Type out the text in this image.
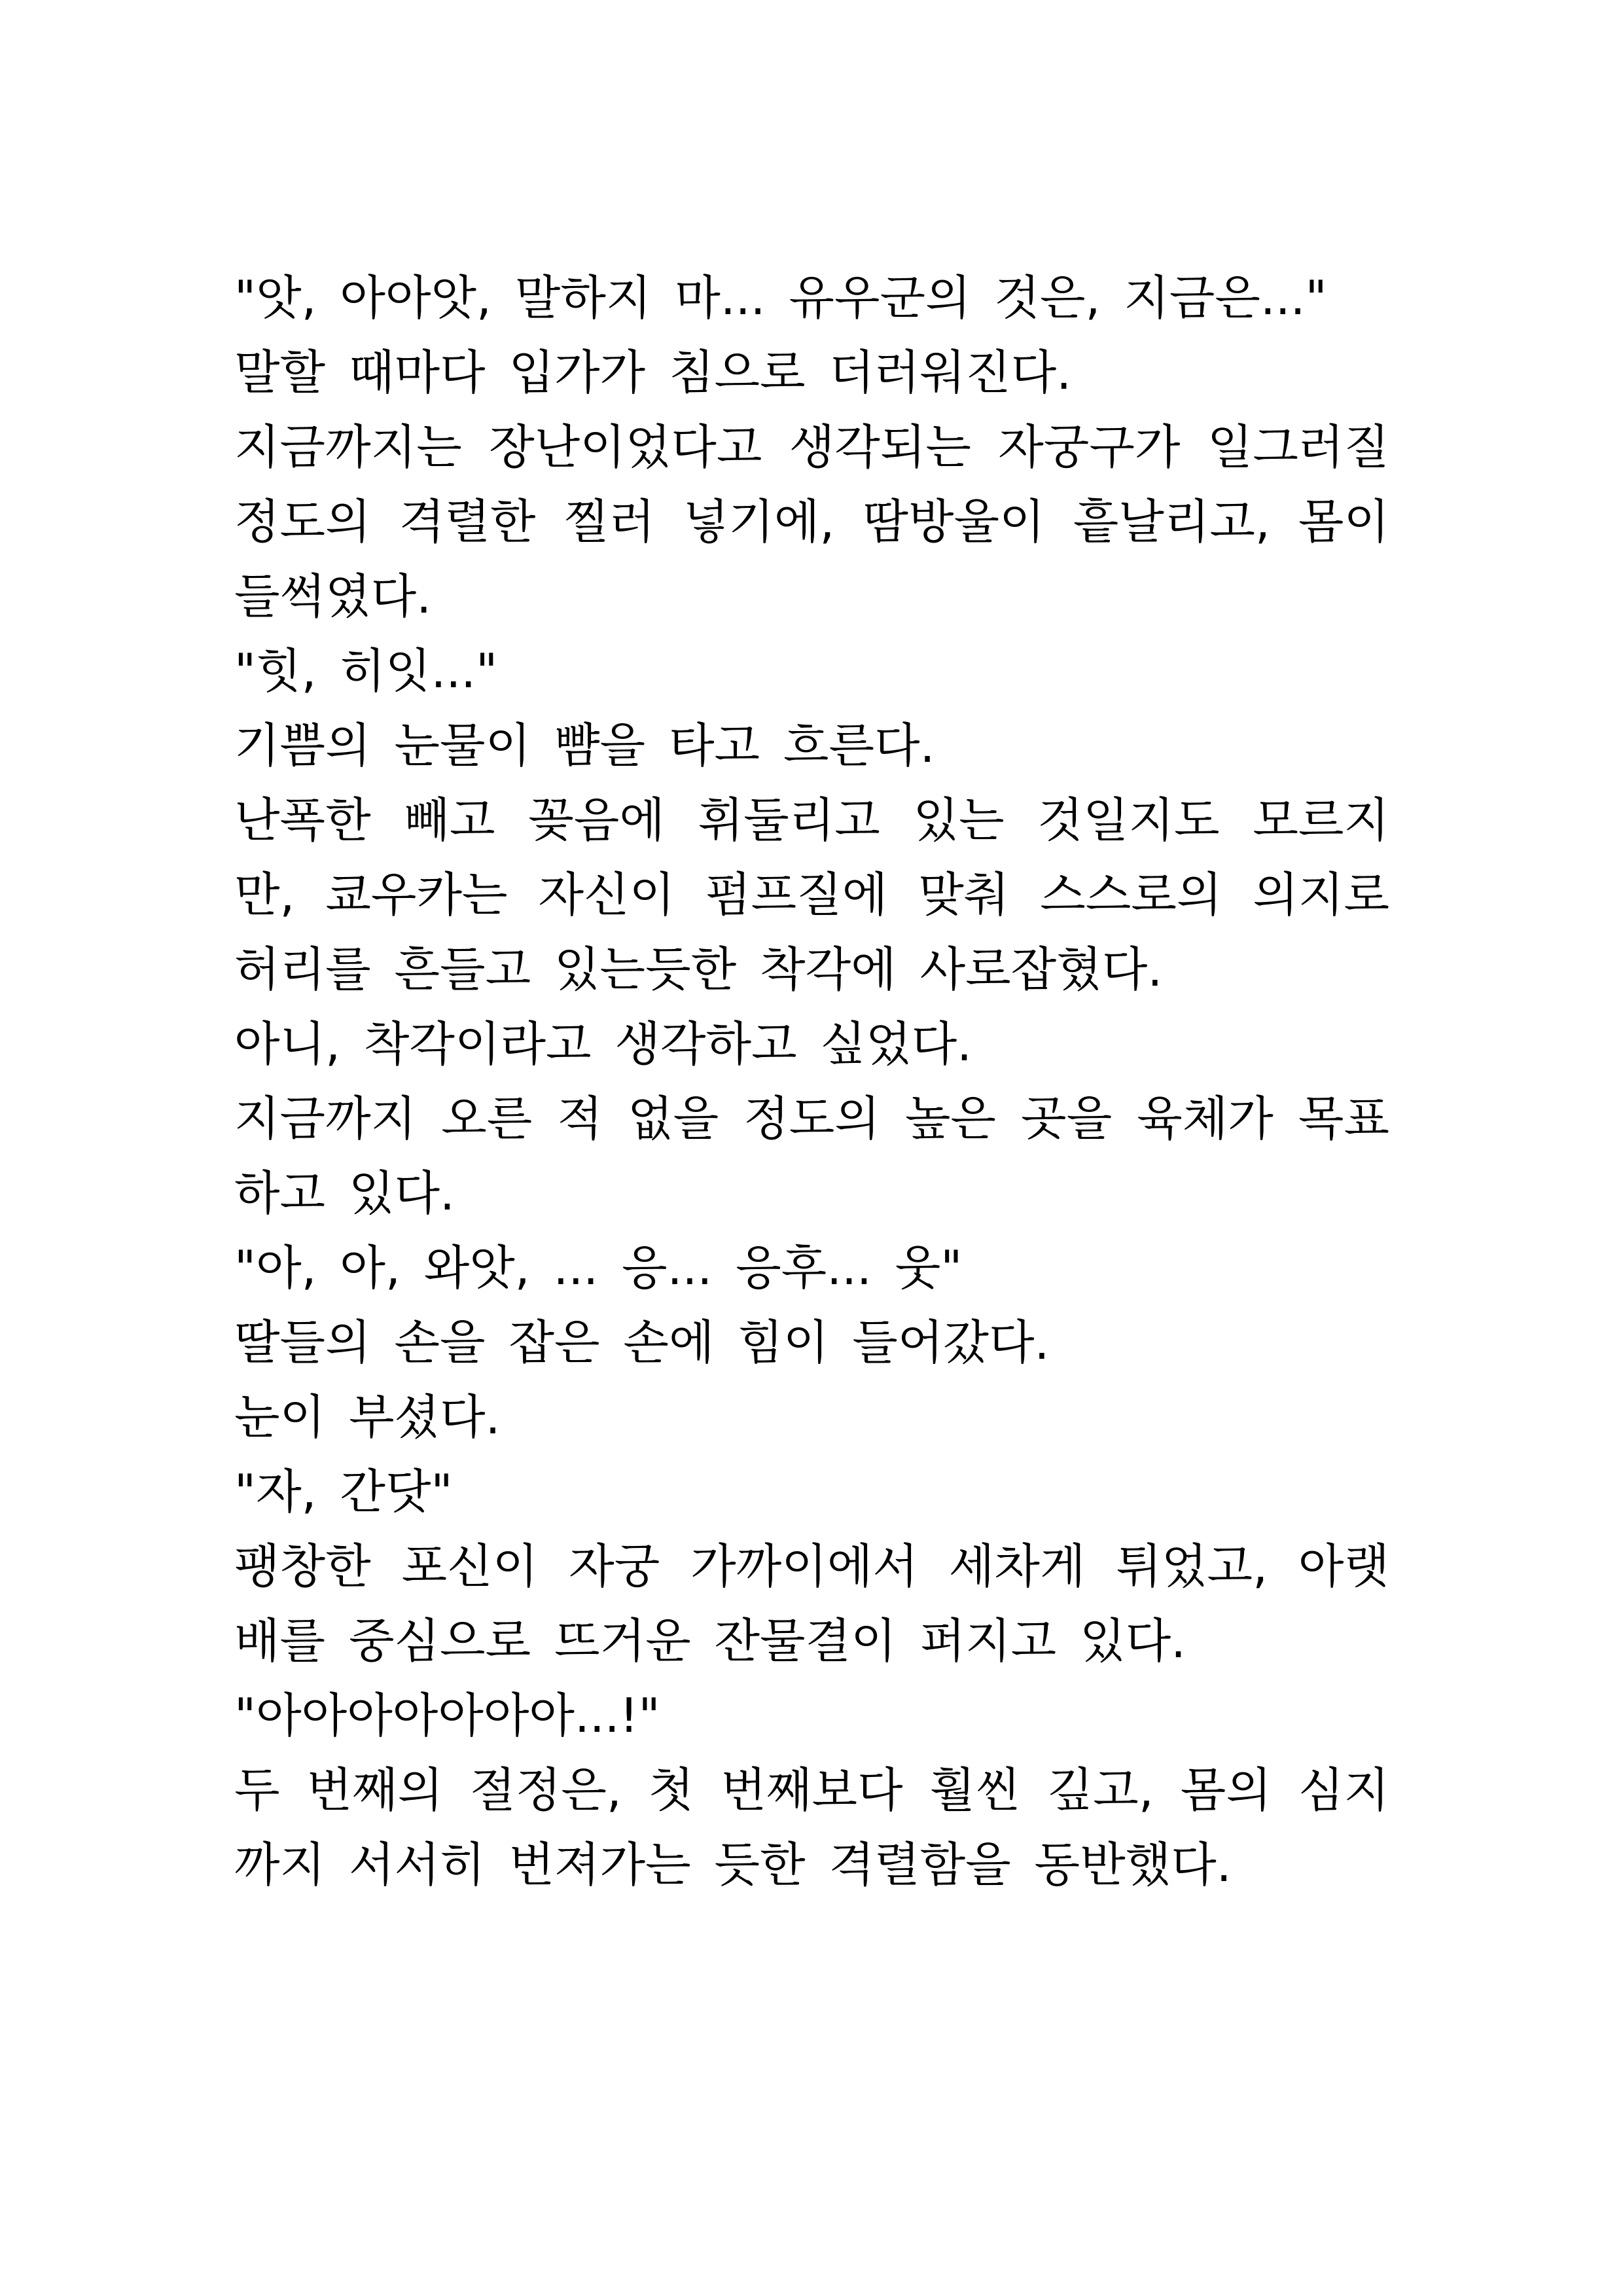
"앗, 아아앗, 말하지 마... 유우군의 것은, 지금은..."

말할 때마다 입가가 침으로 더러워진다.

지금까지는 장난이었다고 생각되는 자궁구가 일그러질 정도의 격렬한 찔러 넣기에, 땀방울이 흩날리고, 몸이 들썩였다.

"힛, 히잇..."

기쁨의 눈물이 뺨을 타고 흐른다.

난폭한 빼고 꽂음에 휘둘리고 있는 것일지도 모르지만, 쿄우카는 자신이 펌프질에 맞춰 스스로의 의지로 허리를 흔들고 있는듯한 착각에 사로잡혔다.

아니, 착각이라고 생각하고 싶었다.

지금까지 오른 적 없을 정도의 높은 곳을 육체가 목표하고 있다.

"아, 아, 와앗, ... 응... 응후... 웃"

딸들의 손을 잡은 손에 힘이 들어갔다.

눈이 부셨다.

"자, 간닷"

팽창한 포신이 자궁 가까이에서 세차게 튀었고, 아랫배를 중심으로 뜨거운 잔물결이 퍼지고 있다.

"아아아아아아아...!"

두 번째의 절정은, 첫 번째보다 훨씬 깊고, 몸의 심지까지 서서히 번져가는 듯한 격렬함을 동반했다.
